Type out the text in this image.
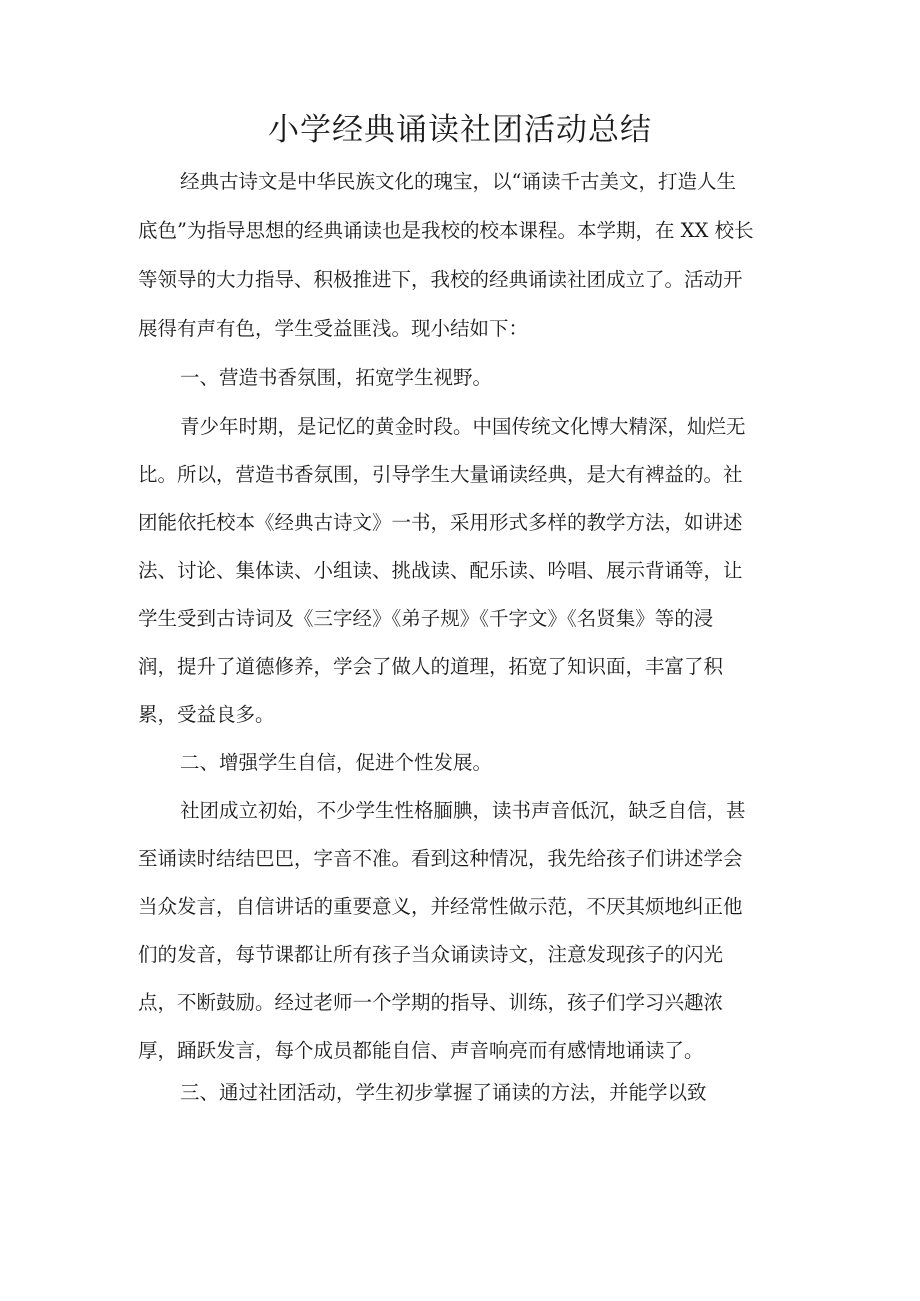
小学经典诵读社团活动总结

经典古诗文是中华民族文化的瑰宝，以“诵读千古美文，打造人生

底色”为指导思想的经典诵读也是我校的校本课程。本学期，在 XX 校长

等领导的大力指导、积极推进下，我校的经典诵读社团成立了。活动开

展得有声有色，学生受益匪浅。现小结如下：

一、营造书香氛围，拓宽学生视野。

青少年时期，是记忆的黄金时段。中国传统文化博大精深，灿烂无

比。所以，营造书香氛围，引导学生大量诵读经典，是大有裨益的。社

团能依托校本《经典古诗文》一书，采用形式多样的教学方法，如讲述

法、讨论、集体读、小组读、挑战读、配乐读、吟唱、展示背诵等，让

学生受到古诗词及《三字经》《弟子规》《千字文》《名贤集》等的浸

润，提升了道德修养，学会了做人的道理，拓宽了知识面，丰富了积

累，受益良多。

二、增强学生自信，促进个性发展。

社团成立初始，不少学生性格腼腆，读书声音低沉，缺乏自信，甚

至诵读时结结巴巴，字音不准。看到这种情况，我先给孩子们讲述学会

当众发言，自信讲话的重要意义，并经常性做示范，不厌其烦地纠正他

们的发音，每节课都让所有孩子当众诵读诗文，注意发现孩子的闪光

点，不断鼓励。经过老师一个学期的指导、训练，孩子们学习兴趣浓

厚，踊跃发言，每个成员都能自信、声音响亮而有感情地诵读了。

三、通过社团活动，学生初步掌握了诵读的方法，并能学以致
